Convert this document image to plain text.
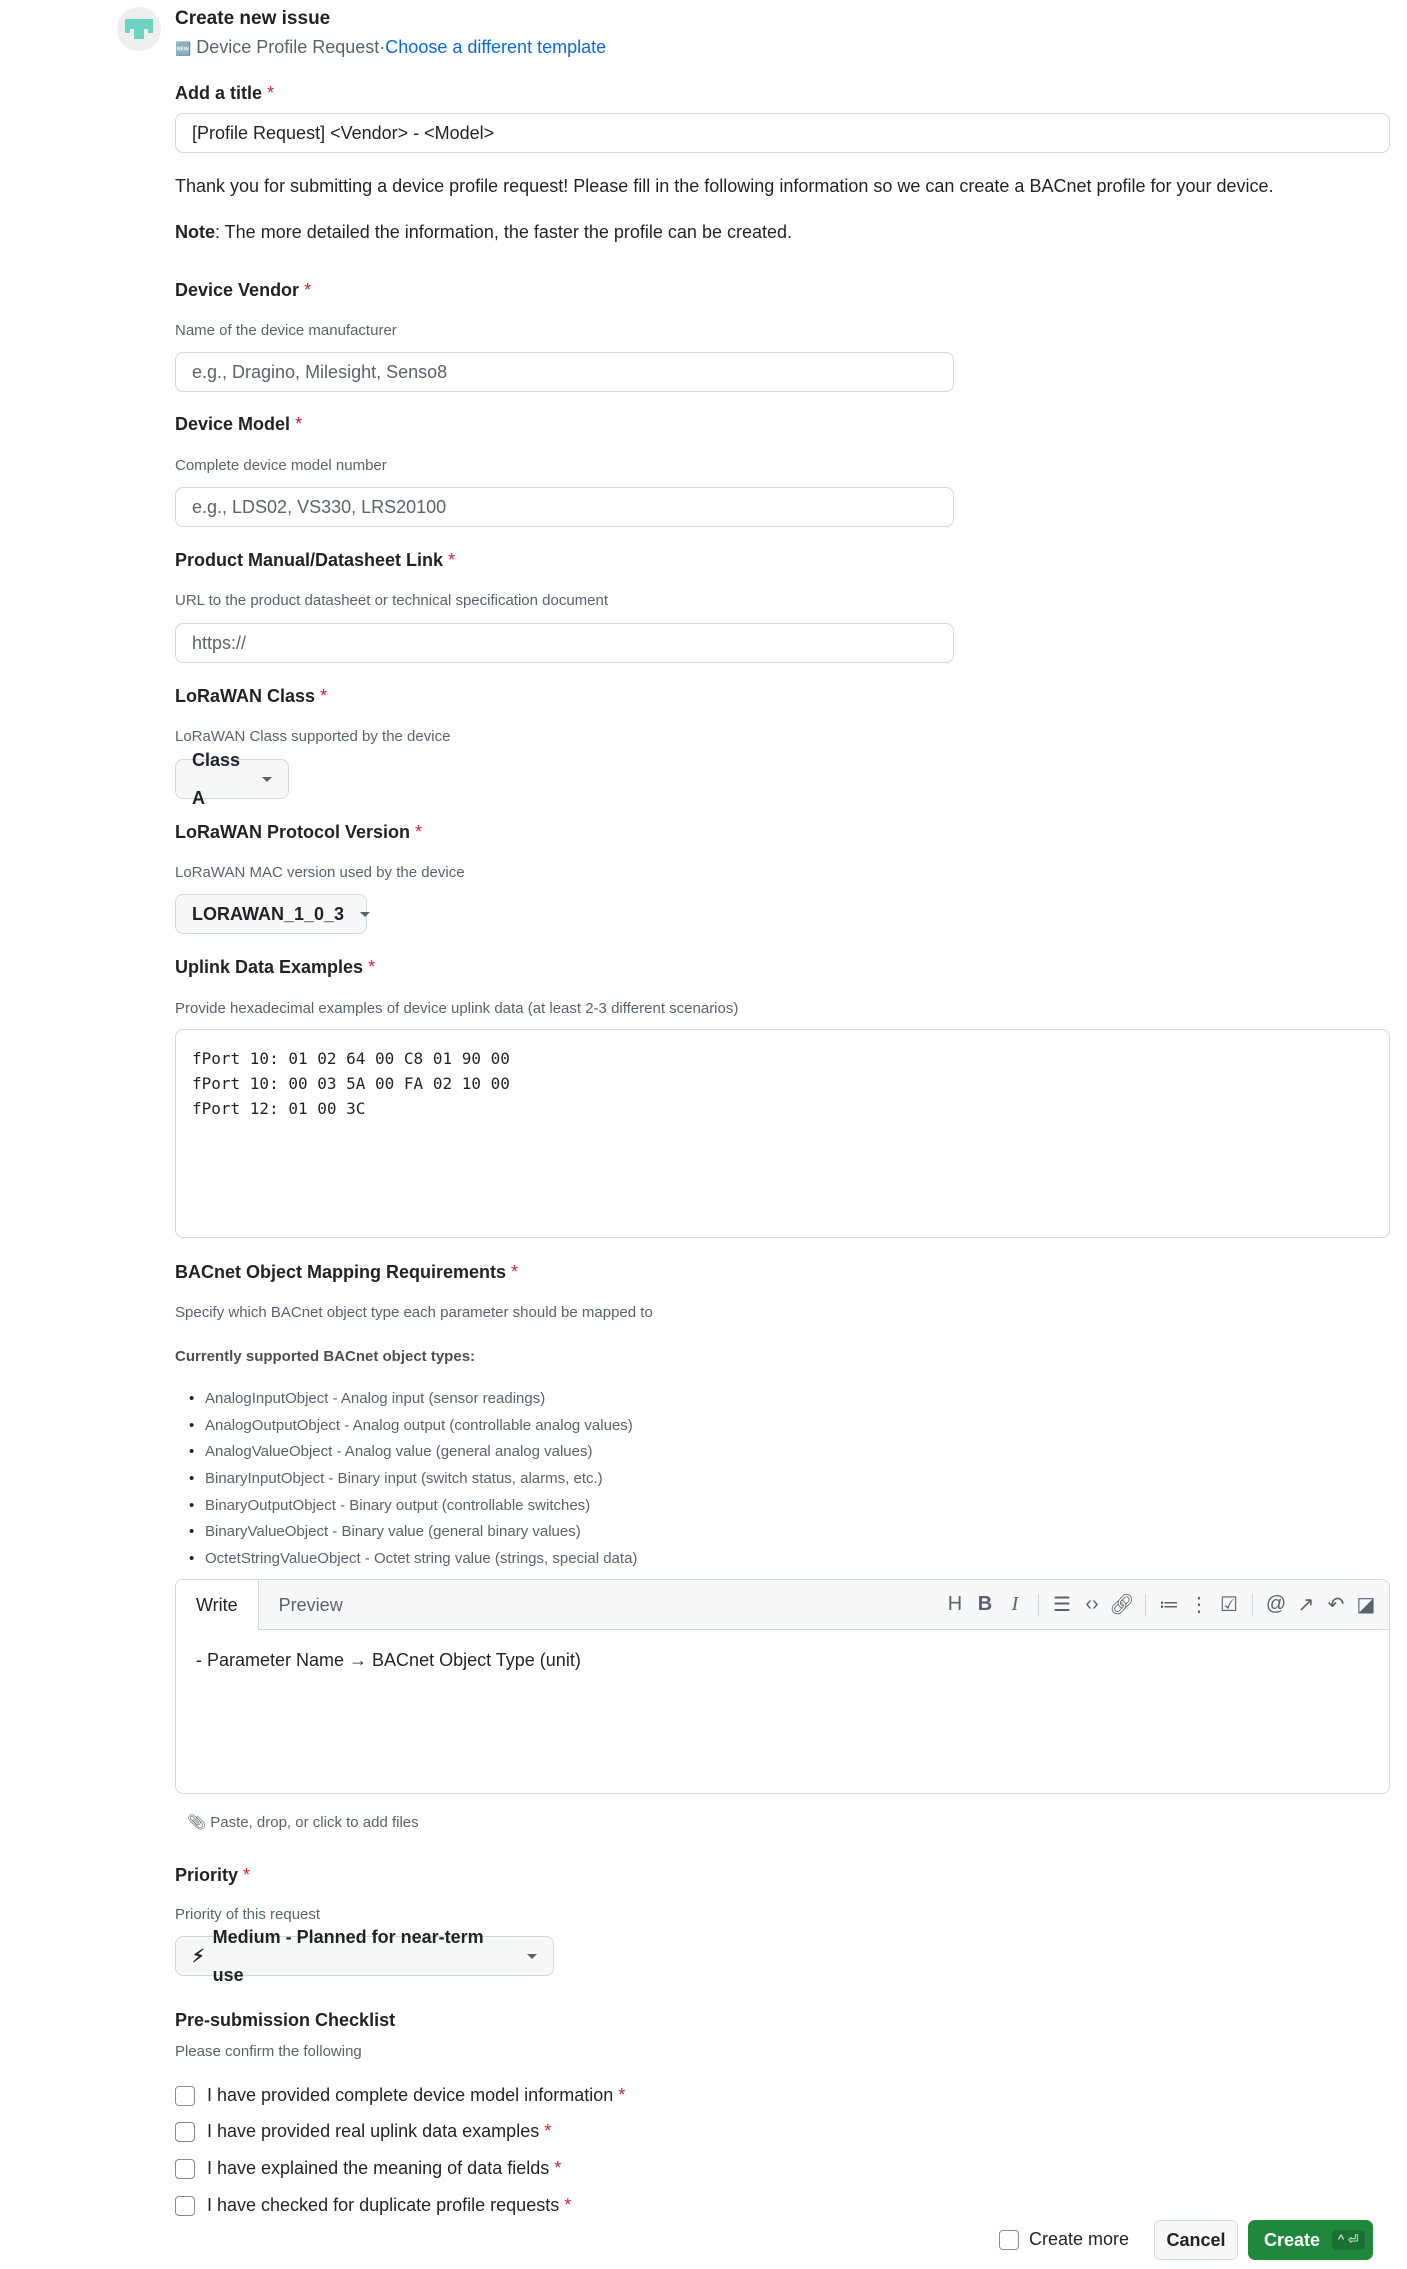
Create new issue
🆕 Device Profile Request·Choose a different template
Add a title *
[Profile Request] <Vendor> - <Model>
Thank you for submitting a device profile request! Please fill in the following information so we can create a BACnet profile for your device.
Note: The more detailed the information, the faster the profile can be created.
Device Vendor *
Name of the device manufacturer
e.g., Dragino, Milesight, Senso8
Device Model *
Complete device model number
e.g., LDS02, VS330, LRS20100
Product Manual/Datasheet Link *
URL to the product datasheet or technical specification document
https://
LoRaWAN Class *
LoRaWAN Class supported by the device
Class A
LoRaWAN Protocol Version *
LoRaWAN MAC version used by the device
LORAWAN_1_0_3
Uplink Data Examples *
Provide hexadecimal examples of device uplink data (at least 2-3 different scenarios)
fPort 10: 01 02 64 00 C8 01 90 00
fPort 10: 00 03 5A 00 FA 02 10 00
fPort 12: 01 00 3C
BACnet Object Mapping Requirements *
Specify which BACnet object type each parameter should be mapped to
Currently supported BACnet object types:
• AnalogInputObject - Analog input (sensor readings)
• AnalogOutputObject - Analog output (controllable analog values)
• AnalogValueObject - Analog value (general analog values)
• BinaryInputObject - Binary input (switch status, alarms, etc.)
• BinaryOutputObject - Binary output (controllable switches)
• BinaryValueObject - Binary value (general binary values)
• OctetStringValueObject - Octet string value (strings, special data)
Write	Preview	H B I	☰ ‹› 🔗︎ ≔ ⋮ ☑	@ ↗ ↶ ◪
- Parameter Name → BACnet Object Type (unit)
📎︎ Paste, drop, or click to add files
Priority *
Priority of this request
⚡︎
Medium - Planned for near-term use
Pre-submission Checklist
Please confirm the following
I have provided complete device model information *
I have provided real uplink data examples *
I have explained the meaning of data fields *
I have checked for duplicate profile requests *
Create more	Cancel	Create	^ ⏎
